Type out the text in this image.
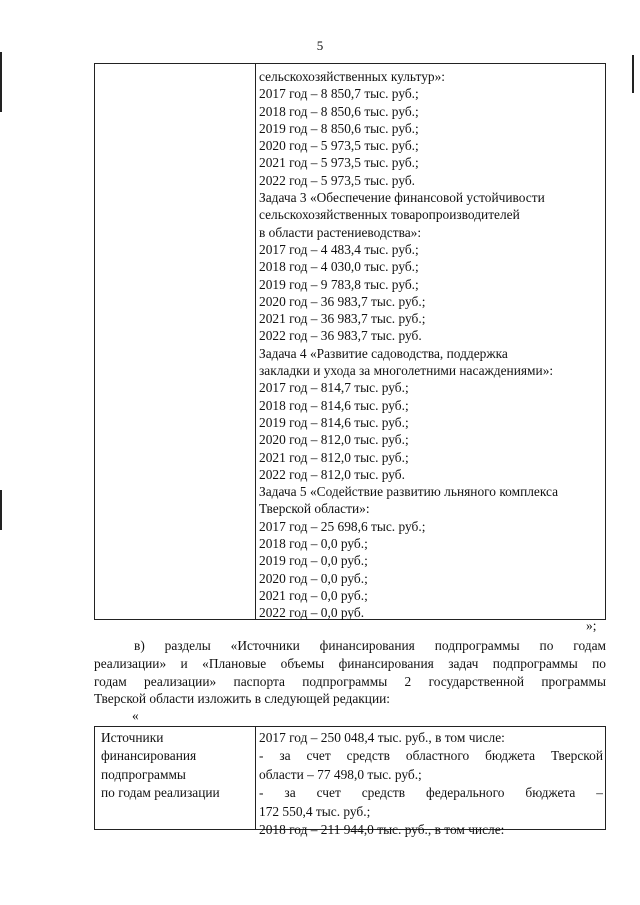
5
сельскохозяйственных культур»:
2017 год – 8 850,7 тыс. руб.;
2018 год – 8 850,6 тыс. руб.;
2019 год – 8 850,6 тыс. руб.;
2020 год – 5 973,5 тыс. руб.;
2021 год – 5 973,5 тыс. руб.;
2022 год – 5 973,5 тыс. руб.
Задача 3 «Обеспечение финансовой устойчивости
сельскохозяйственных товаропроизводителей
в области растениеводства»:
2017 год – 4 483,4 тыс. руб.;
2018 год – 4 030,0 тыс. руб.;
2019 год – 9 783,8 тыс. руб.;
2020 год – 36 983,7 тыс. руб.;
2021 год – 36 983,7 тыс. руб.;
2022 год – 36 983,7 тыс. руб.
Задача 4 «Развитие садоводства, поддержка
закладки и ухода за многолетними насаждениями»:
2017 год – 814,7 тыс. руб.;
2018 год – 814,6 тыс. руб.;
2019 год – 814,6 тыс. руб.;
2020 год – 812,0 тыс. руб.;
2021 год – 812,0 тыс. руб.;
2022 год – 812,0 тыс. руб.
Задача 5 «Содействие развитию льняного комплекса
Тверской области»:
2017 год – 25 698,6 тыс. руб.;
2018 год – 0,0 руб.;
2019 год – 0,0 руб.;
2020 год – 0,0 руб.;
2021 год – 0,0 руб.;
2022 год – 0,0 руб.
»;
в) разделы «Источники финансирования подпрограммы по годам
реализации» и «Плановые объемы финансирования задач подпрограммы по
годам реализации» паспорта подпрограммы 2 государственной программы
Тверской области изложить в следующей редакции:
«
Источники
финансирования
подпрограммы
по годам реализации
2017 год – 250 048,4 тыс. руб., в том числе:
- за счет средств областного бюджета Тверской
области – 77 498,0 тыс. руб.;
- за счет средств федерального бюджета –
172 550,4 тыс. руб.;
2018 год – 211 944,0 тыс. руб., в том числе:
